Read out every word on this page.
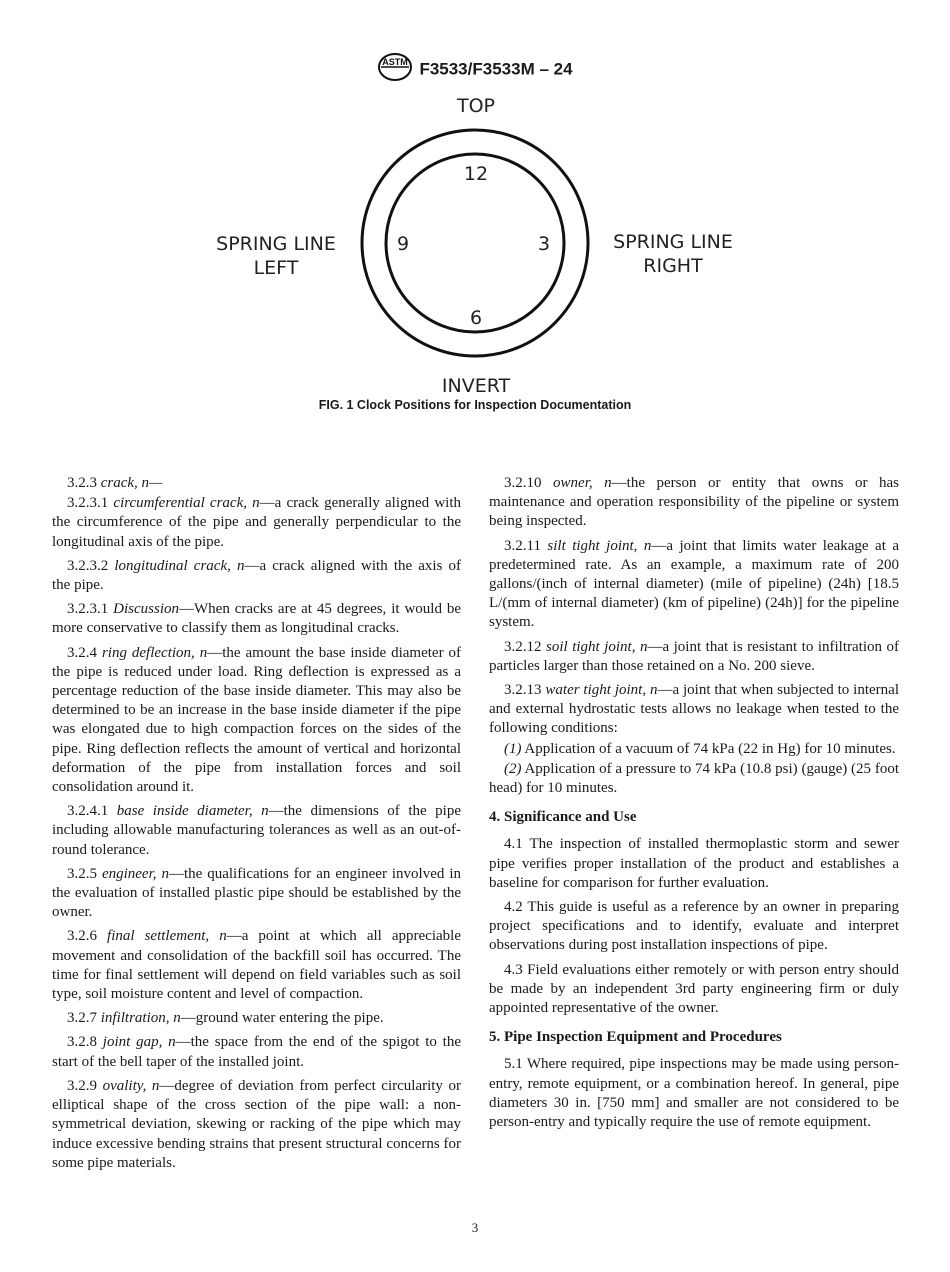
ASTM F3533/F3533M – 24
TOP
INVERT
SPRING LINE
LEFT
SPRING LINE
RIGHT
12
3
6
9
FIG. 1 Clock Positions for Inspection Documentation

3.2.3 crack, n—

3.2.3.1 circumferential crack, n—a crack generally aligned with the circumference of the pipe and generally perpendicular to the longitudinal axis of the pipe.

3.2.3.2 longitudinal crack, n—a crack aligned with the axis of the pipe.

3.2.3.1 Discussion—When cracks are at 45 degrees, it would be more conservative to classify them as longitudinal cracks.

3.2.4 ring deflection, n—the amount the base inside diameter of the pipe is reduced under load. Ring deflection is expressed as a percentage reduction of the base inside diameter. This may also be determined to be an increase in the base inside diameter if the pipe was elongated due to high compaction forces on the sides of the pipe. Ring deflection reflects the amount of vertical and horizontal deformation of the pipe from installation forces and soil consolidation around it.

3.2.4.1 base inside diameter, n—the dimensions of the pipe including allowable manufacturing tolerances as well as an out-of-round tolerance.

3.2.5 engineer, n—the qualifications for an engineer involved in the evaluation of installed plastic pipe should be established by the owner.

3.2.6 final settlement, n—a point at which all appreciable movement and consolidation of the backfill soil has occurred. The time for final settlement will depend on field variables such as soil type, soil moisture content and level of compaction.

3.2.7 infiltration, n—ground water entering the pipe.

3.2.8 joint gap, n—the space from the end of the spigot to the start of the bell taper of the installed joint.

3.2.9 ovality, n—degree of deviation from perfect circularity or elliptical shape of the cross section of the pipe wall: a non-symmetrical deviation, skewing or racking of the pipe which may induce excessive bending strains that present structural concerns for some pipe materials.

3.2.10 owner, n—the person or entity that owns or has maintenance and operation responsibility of the pipeline or system being inspected.

3.2.11 silt tight joint, n—a joint that limits water leakage at a predetermined rate. As an example, a maximum rate of 200 gallons/(inch of internal diameter) (mile of pipeline) (24h) [18.5 L/(mm of internal diameter) (km of pipeline) (24h)] for the pipeline system.

3.2.12 soil tight joint, n—a joint that is resistant to infiltration of particles larger than those retained on a No. 200 sieve.

3.2.13 water tight joint, n—a joint that when subjected to internal and external hydrostatic tests allows no leakage when tested to the following conditions:

(1) Application of a vacuum of 74 kPa (22 in Hg) for 10 minutes.

(2) Application of a pressure to 74 kPa (10.8 psi) (gauge) (25 foot head) for 10 minutes.

4. Significance and Use

4.1 The inspection of installed thermoplastic storm and sewer pipe verifies proper installation of the product and establishes a baseline for comparison for further evaluation.

4.2 This guide is useful as a reference by an owner in preparing project specifications and to identify, evaluate and interpret observations during post installation inspections of pipe.

4.3 Field evaluations either remotely or with person entry should be made by an independent 3rd party engineering firm or duly appointed representative of the owner.

5. Pipe Inspection Equipment and Procedures

5.1 Where required, pipe inspections may be made using person-entry, remote equipment, or a combination hereof. In general, pipe diameters 30 in. [750 mm] and smaller are not considered to be person-entry and typically require the use of remote equipment.

3
